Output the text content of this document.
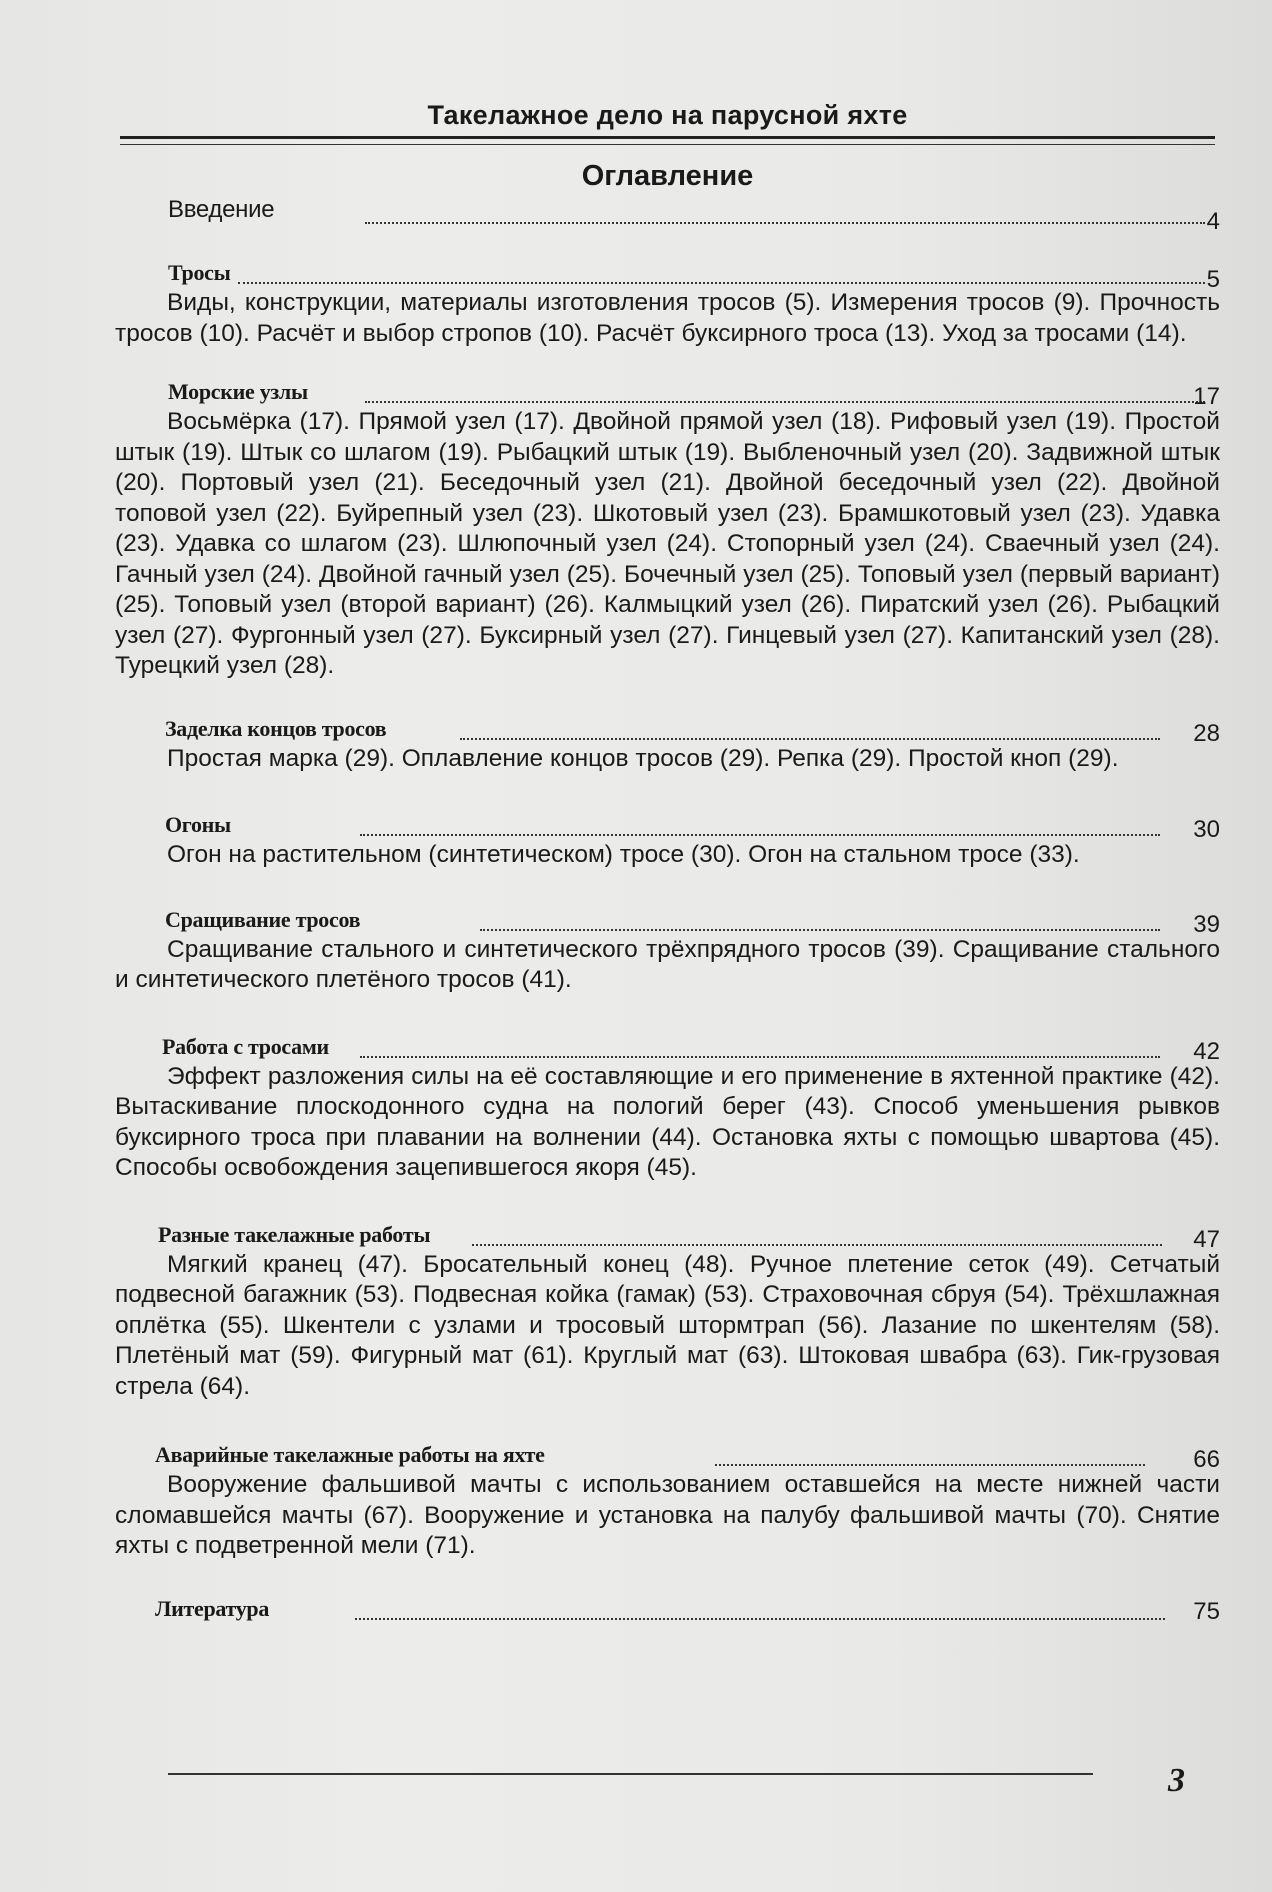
Такелажное дело на парусной яхте
Оглавление
Введение	4
Тросы	5
Виды, конструкции, материалы изготовления тросов (5). Измерения тросов (9). Прочность тросов (10). Расчёт и выбор стропов (10). Расчёт буксирного троса (13). Уход за тросами (14).
Морские узлы	17
Восьмёрка (17). Прямой узел (17). Двойной прямой узел (18). Рифовый узел (19). Простой штык (19). Штык со шлагом (19). Рыбацкий штык (19). Выбленочный узел (20). Задвижной штык (20). Портовый узел (21). Беседочный узел (21). Двойной беседочный узел (22). Двойной топовой узел (22). Буйрепный узел (23). Шкотовый узел (23). Брамшкотовый узел (23). Удавка (23). Удавка со шлагом (23). Шлюпочный узел (24). Стопорный узел (24). Сваечный узел (24). Гачный узел (24). Двойной гачный узел (25). Бочечный узел (25). Топовый узел (первый вариант) (25). Топовый узел (второй вариант) (26). Калмыцкий узел (26). Пиратский узел (26). Рыбацкий узел (27). Фургонный узел (27). Буксирный узел (27). Гинцевый узел (27). Капитанский узел (28). Турецкий узел (28).
Заделка концов тросов	28
Простая марка (29). Оплавление концов тросов (29). Репка (29). Простой кноп (29).
Огоны	30
Огон на растительном (синтетическом) тросе (30). Огон на стальном тросе (33).
Сращивание тросов	39
Сращивание стального и синтетического трёхпрядного тросов (39). Сращивание стального и синтетического плетёного тросов (41).
Работа с тросами	42
Эффект разложения силы на её составляющие и его применение в яхтенной практике (42). Вытаскивание плоскодонного судна на пологий берег (43). Способ уменьшения рывков буксирного троса при плавании на волнении (44). Остановка яхты с помощью швартова (45). Способы освобождения зацепившегося якоря (45).
Разные такелажные работы	47
Мягкий кранец (47). Бросательный конец (48). Ручное плетение сеток (49). Сетчатый подвесной багажник (53). Подвесная койка (гамак) (53). Страховочная сбруя (54). Трёхшлажная оплётка (55). Шкентели с узлами и тросовый штормтрап (56). Лазание по шкентелям (58). Плетёный мат (59). Фигурный мат (61). Круглый мат (63). Штоковая швабра (63). Гик-грузовая стрела (64).
Аварийные такелажные работы на яхте	66
Вооружение фальшивой мачты с использованием оставшейся на месте нижней части сломавшейся мачты (67). Вооружение и установка на палубу фальшивой мачты (70). Снятие яхты с подветренной мели (71).
Литература	75
3
